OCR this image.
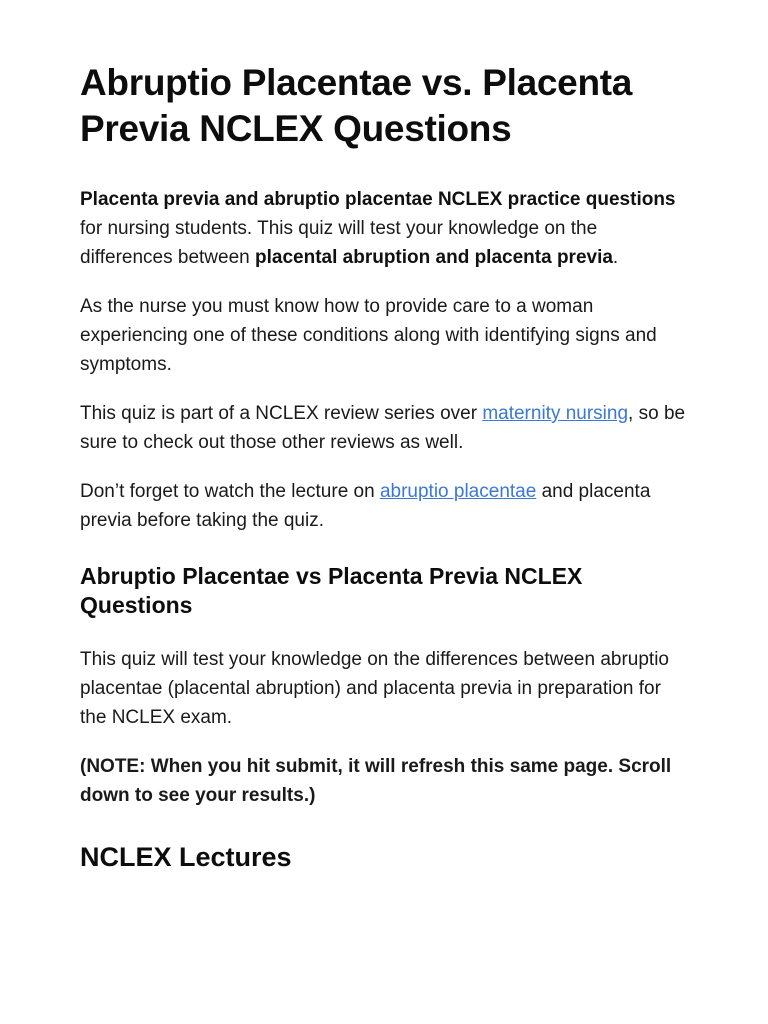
Abruptio Placentae vs. Placenta Previa NCLEX Questions

Placenta previa and abruptio placentae NCLEX practice questions for nursing students. This quiz will test your knowledge on the differences between placental abruption and placenta previa.

As the nurse you must know how to provide care to a woman experiencing one of these conditions along with identifying signs and symptoms.

This quiz is part of a NCLEX review series over maternity nursing, so be sure to check out those other reviews as well.

Don’t forget to watch the lecture on abruptio placentae and placenta previa before taking the quiz.

Abruptio Placentae vs Placenta Previa NCLEX Questions

This quiz will test your knowledge on the differences between abruptio placentae (placental abruption) and placenta previa in preparation for the NCLEX exam.

(NOTE: When you hit submit, it will refresh this same page. Scroll down to see your results.)

NCLEX Lectures
